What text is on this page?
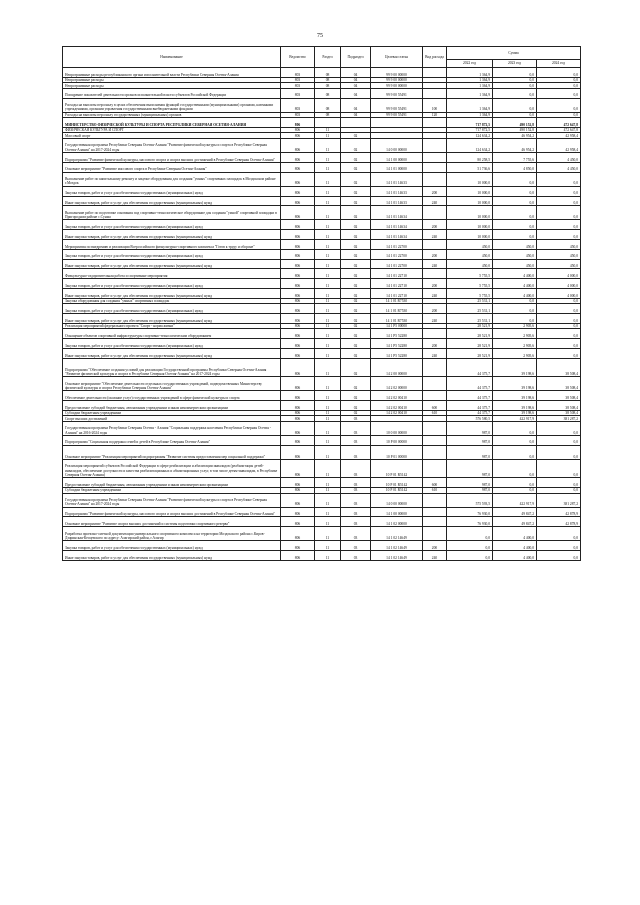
75
Наименование	Ведомство	Раздел	Подраздел	Целевая статья	Вид расхода	Сумма		
						2022 год	2023 год	2024 год
Непрограммные расходы республиканского органа исполнительной власти Республики Северная Осетия-Алания	803	08	04	99 9 00 00000		1 364,9	0,0	0,0
Непрограммные расходы	803	08	04	99 9 00 00000		1 364,9	0,0	0,0
Непрограммные расходы	803	08	04	99 9 00 00000		1 364,9	0,0	0,0
Поощрение показателей деятельности органов исполнительной власти субъектов Российской Федерации	803	08	04	99 9 00 55491		1 364,9	0,0	0,0
Расходы на выплаты персоналу в целях обеспечения выполнения функций государственными (муниципальными) органами, казенными учреждениями, органами управления государственными внебюджетными фондами	803	08	04	99 9 00 55491	100	1 364,9	0,0	0,0
Расходы на выплаты персоналу государственных (муниципальных) органов	803	08	04	99 9 00 55491	120	1 364,9	0,0	0,0
МИНИСТЕРСТВО ФИЗИЧЕСКОЙ КУЛЬТУРЫ И СПОРТА РЕСПУБЛИКИ СЕВЕРНАЯ ОСЕТИЯ-АЛАНИЯ	806					717 872,5	490 152,8	472 647,8
ФИЗИЧЕСКАЯ КУЛЬТУРА И СПОРТ	806	11				717 872,5	490 152,8	472 647,8
Массовый спорт	806	11	02			124 634,2	46 954,2	42 958,4
Государственная программа Республики Северная Осетия-Алания "Развитие физической культуры и спорта в Республике Северная Осетия-Алания" на 2017-2024 годы	806	11	02	14 0 00 00000		124 634,2	46 954,2	42 958,4
Подпрограмма "Развитие физической культуры, массового спорта и спорта высших достижений в Республике Северная Осетия-Алания"	806	11	02	14 1 00 00000		80 258,5	7 755,6	4 450,0
Основное мероприятие "Развитие массового спорта в Республике Северная Осетия-Алания"	806	11	02	14 1 01 00000		51 736,6	4 850,0	4 450,0
Выполнение работ по капитальному ремонту и закупке оборудования для создания "умных" спортивных площадок в Моздокском районе г.Моздок	806	11	02	14 1 01 14633		10 000,0	0,0	0,0
Закупка товаров, работ и услуг для обеспечения государственных (муниципальных) нужд	806	11	02	14 1 01 14633	200	10 000,0	0,0	0,0
Иные закупки товаров, работ и услуг для обеспечения государственных (муниципальных) нужд	806	11	02	14 1 01 14633	240	10 000,0	0,0	0,0
Выполнение работ по подготовке основания под спортивно-технологическое оборудование для создания "умной" спортивной площадки в Пригородном районе с.Сунжа	806	11	02	14 1 01 14634		10 000,0	0,0	0,0
Закупка товаров, работ и услуг для обеспечения государственных (муниципальных) нужд	806	11	02	14 1 01 14634	200	10 000,0	0,0	0,0
Иные закупки товаров, работ и услуг для обеспечения государственных (муниципальных) нужд	806	11	02	14 1 01 14634	240	10 000,0	0,0	0,0
Мероприятия по внедрению и реализации Всероссийского физкультурно-спортивного комплекса "Готов к труду и обороне"	806	11	02	14 1 01 22700		450,0	450,0	450,0
Закупка товаров, работ и услуг для обеспечения государственных (муниципальных) нужд	806	11	02	14 1 01 22700	200	450,0	450,0	450,0
Иные закупки товаров, работ и услуг для обеспечения государственных (муниципальных) нужд	806	11	02	14 1 01 22700	240	450,0	450,0	450,0
Физкультурно-оздоровительная работа и спортивные мероприятия	806	11	02	14 1 01 22710		5 755,5	4 400,0	4 000,0
Закупка товаров, работ и услуг для обеспечения государственных (муниципальных) нужд	806	11	02	14 1 01 22710	200	5 755,5	4 400,0	4 000,0
Иные закупки товаров, работ и услуг для обеспечения государственных (муниципальных) нужд	806	11	02	14 1 01 22710	240	5 755,5	4 400,0	4 000,0
Закупка оборудования для создания "умных" спортивных площадок	806	11	02	14 1 01 R7530		25 531,1	0,0	0,0
Закупка товаров, работ и услуг для обеспечения государственных (муниципальных) нужд	806	11	02	14 1 01 R7530	200	25 531,1	0,0	0,0
Иные закупки товаров, работ и услуг для обеспечения государственных (муниципальных) нужд	806	11	02	14 1 01 R7530	240	25 531,1	0,0	0,0
Реализация мероприятий федерального проекта "Спорт - норма жизни"	806	11	02	14 1 P5 00000		28 521,9	2 905,6	0,0
Оснащение объектов спортивной инфраструктуры спортивно-технологическим оборудованием	806	11	02	14 1 P5 52280		28 521,9	2 905,6	0,0
Закупка товаров, работ и услуг для обеспечения государственных (муниципальных) нужд	806	11	02	14 1 P5 52280	200	28 521,9	2 905,6	0,0
Иные закупки товаров, работ и услуг для обеспечения государственных (муниципальных) нужд	806	11	02	14 1 P5 52280	240	28 521,9	2 905,6	0,0
Подпрограмма "Обеспечение создания условий для реализации Государственной программы Республики Северная Осетия-Алания "Развитие физической культуры и спорта в Республике Северная Осетия-Алания" на 2017-2024 годы	806	11	02	14 2 00 00000		44 375,7	39 198,6	38 508,4
Основное мероприятие "Обеспечение деятельности отдельных государственных учреждений, подведомственных Министерству физической культуры и спорта Республики Северная Осетия-Алания"	806	11	02	14 2 02 00000		44 375,7	39 198,6	38 508,4
Обеспечение деятельности (оказание услуг) государственных учреждений в сфере физической культуры и спорта	806	11	02	14 2 02 00410		44 375,7	39 198,6	38 508,4
Предоставление субсидий бюджетным, автономным учреждениям и иным некоммерческим организациям	806	11	02	14 2 02 00410	600	44 375,7	39 198,6	38 508,4
Субсидии бюджетным учреждениям	806	11	02	14 2 02 00410	610	44 375,7	39 198,6	38 508,4
Спорт высших достижений	806	11	03			576 580,5	422 917,9	381 287,2
Государственная программа Республики Северная Осетия - Алания "Социальная поддержка населения Республики Северная Осетия - Алания" на 2016-2024 годы	806	11	03	10 0 00 00000		987,0	0,0	0,0
Подпрограмма "Социальная поддержка семей и детей в Республике Северная Осетия-Алания"	806	11	03	10 P 00 00000		987,0	0,0	0,0
Основное мероприятие "Реализация мероприятий подпрограммы "Развитие системы предоставления мер социальной поддержки"	806	11	03	10 P 01 00000		987,0	0,0	0,0
Реализация мероприятий субъектов Российской Федерации в сфере реабилитации и абилитации инвалидов (реабилитация детей-инвалидов, обеспечение доступности и качества реабилитационных и абилитационных услуг, в том числе детям-инвалидам, в Республике Северная Осетия-Алания)	806	11	03	10 P 01 R5142		987,0	0,0	0,0
Предоставление субсидий бюджетным, автономным учреждениям и иным некоммерческим организациям	806	11	03	10 P 01 R5142	600	987,0	0,0	0,0
Субсидии бюджетным учреждениям	806	11	03	10 P 01 R5142	610	987,0	0,0	0,0
Государственная программа Республики Северная Осетия-Алания "Развитие физической культуры и спорта в Республике Северная Осетия-Алания" на 2017-2024 годы	806	11	03	14 0 00 00000		575 593,5	422 917,9	381 287,2
Подпрограмма "Развитие физической культуры, массового спорта и спорта высших достижений в Республике Северная Осетия-Алания"	806	11	03	14 1 00 00000		76 930,0	49 847,2	42 878,9
Основное мероприятие "Развитие спорта высших достижений и системы подготовки спортивного резерва"	806	11	03	14 1 02 00000		76 930,0	49 847,2	42 878,9
Разработка проектно-сметной документации универсального спортивного комплекса на территории Моздокского района с.Киров-Дзаринская-Кесцевского по адресу: Алагирский район, г.Алагир	806	11	03	14 1 02 14649		0,0	4 400,0	0,0
Закупка товаров, работ и услуг для обеспечения государственных (муниципальных) нужд	806	11	03	14 1 02 14649	200	0,0	4 400,0	0,0
Иные закупки товаров, работ и услуг для обеспечения государственных (муниципальных) нужд	806	11	03	14 1 02 14649	240	0,0	4 400,0	0,0
